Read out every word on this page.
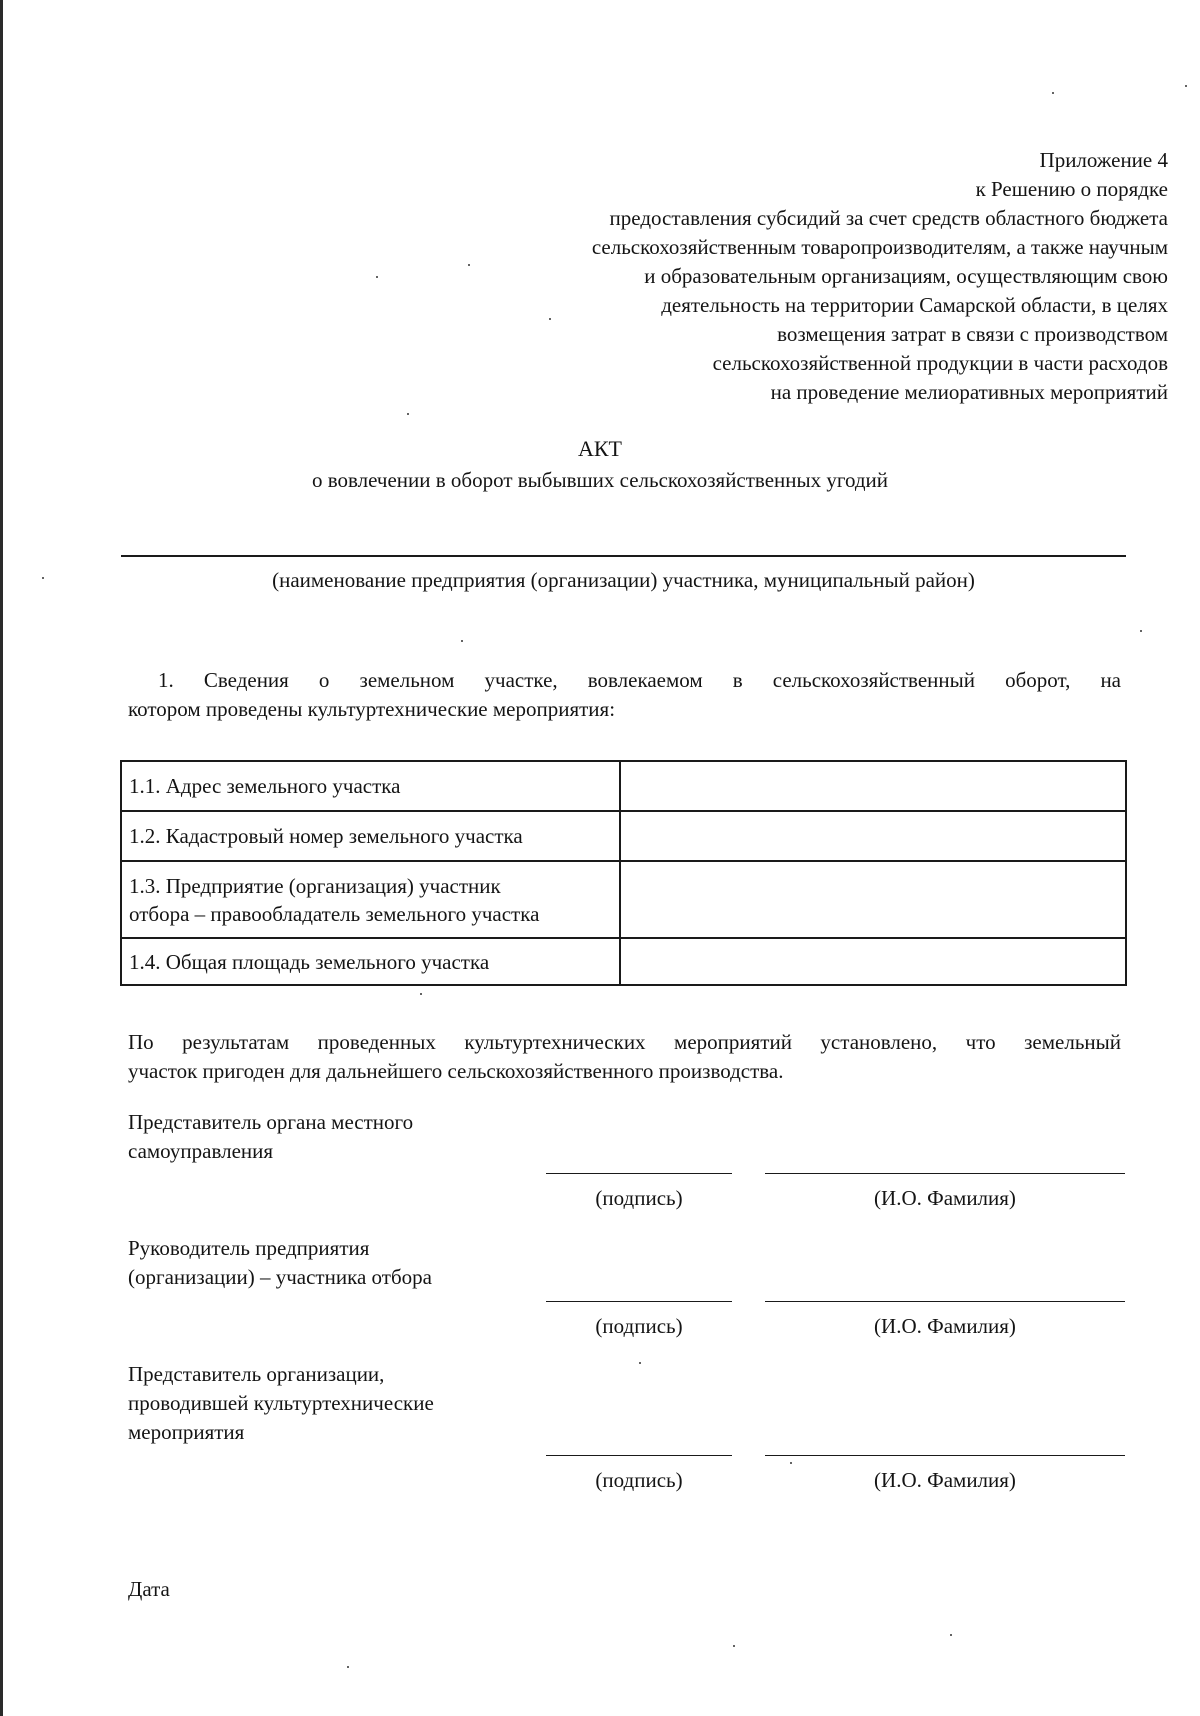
Приложение 4
к Решению о порядке
предоставления субсидий за счет средств областного бюджета
сельскохозяйственным товаропроизводителям, а также научным
и образовательным организациям, осуществляющим свою
деятельность на территории Самарской области, в целях
возмещения затрат в связи с производством
сельскохозяйственной продукции в части расходов
на проведение мелиоративных мероприятий
АКТ
о вовлечении в оборот выбывших сельскохозяйственных угодий
(наименование предприятия (организации) участника, муниципальный район)
1. Сведения о земельном участке, вовлекаемом в сельскохозяйственный оборот, на
котором проведены культуртехнические мероприятия:
1.1. Адрес земельного участка	
1.2. Кадастровый номер земельного участка	

1.3. Предприятие (организация) участник
отбора – правообладатель земельного участка	

1.4. Общая площадь земельного участка	
По результатам проведенных культуртехнических мероприятий установлено, что земельный
участок пригоден для дальнейшего сельскохозяйственного производства.
Представитель органа местного
самоуправления
(подпись)	(И.О. Фамилия)
Руководитель предприятия
(организации) – участника отбора
(подпись)	(И.О. Фамилия)
Представитель организации,
проводившей культуртехнические
мероприятия
(подпись)	(И.О. Фамилия)
Дата
